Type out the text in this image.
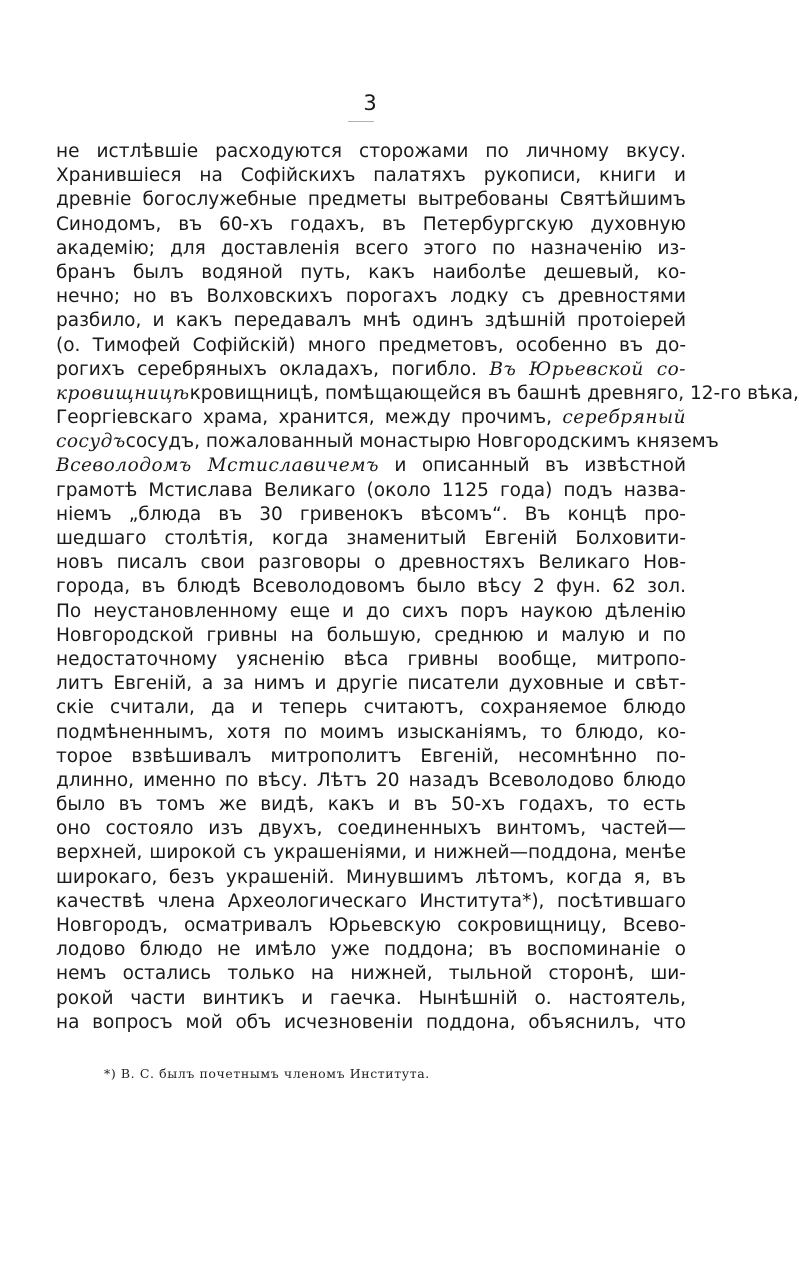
3
не истлѣвшіе расходуются сторожами по личному вкусу.
Хранившіеся на Софійскихъ палатяхъ рукописи, книги и
древніе богослужебные предметы вытребованы Святѣйшимъ
Синодомъ, въ 60-хъ годахъ, въ Петербургскую духовную
академію; для доставленія всего этого по назначенію из-
бранъ былъ водяной путь, какъ наиболѣе дешевый, ко-
нечно; но въ Волховскихъ порогахъ лодку съ древностями
разбило, и какъ передавалъ мнѣ одинъ здѣшній протоіерей
(о. Тимофей Софійскій) много предметовъ, особенно въ до-
рогихъ серебряныхъ окладахъ, погибло. Въ Юрьевской со-
кровищницѣкровищницѣ, помѣщающейся въ башнѣ древняго, 12-го вѣка,
Георгіевскаго храма, хранится, между прочимъ, серебряный
сосудъсосудъ, пожалованный монастырю Новгородскимъ княземъ
Всеволодомъ Мстиславичемъ и описанный въ извѣстной
грамотѣ Мстислава Великаго (около 1125 года) подъ назва-
ніемъ „блюда въ 30 гривенокъ вѣсомъ“. Въ концѣ про-
шедшаго столѣтія, когда знаменитый Евгеній Болховити-
новъ писалъ свои разговоры о древностяхъ Великаго Нов-
города, въ блюдѣ Всеволодовомъ было вѣсу 2 фун. 62 зол.
По неустановленному еще и до сихъ поръ наукою дѣленію
Новгородской гривны на большую, среднюю и малую и по
недостаточному уясненію вѣса гривны вообще, митропо-
литъ Евгеній, а за нимъ и другіе писатели духовные и свѣт-
скіе считали, да и теперь считаютъ, сохраняемое блюдо
подмѣненнымъ, хотя по моимъ изысканіямъ, то блюдо, ко-
торое взвѣшивалъ митрополитъ Евгеній, несомнѣнно по-
длинно, именно по вѣсу. Лѣтъ 20 назадъ Всеволодово блюдо
было въ томъ же видѣ, какъ и въ 50-хъ годахъ, то есть
оно состояло изъ двухъ, соединенныхъ винтомъ, частей—
верхней, широкой съ украшеніями, и нижней—поддона, менѣе
широкаго, безъ украшеній. Минувшимъ лѣтомъ, когда я, въ
качествѣ члена Археологическаго Института*), посѣтившаго
Новгородъ, осматривалъ Юрьевскую сокровищницу, Всево-
лодово блюдо не имѣло уже поддона; въ воспоминаніе о
немъ остались только на нижней, тыльной сторонѣ, ши-
рокой части винтикъ и гаечка. Нынѣшній о. настоятель,
на вопросъ мой объ исчезновеніи поддона, объяснилъ, что
*) В. С. былъ почетнымъ членомъ Института.
